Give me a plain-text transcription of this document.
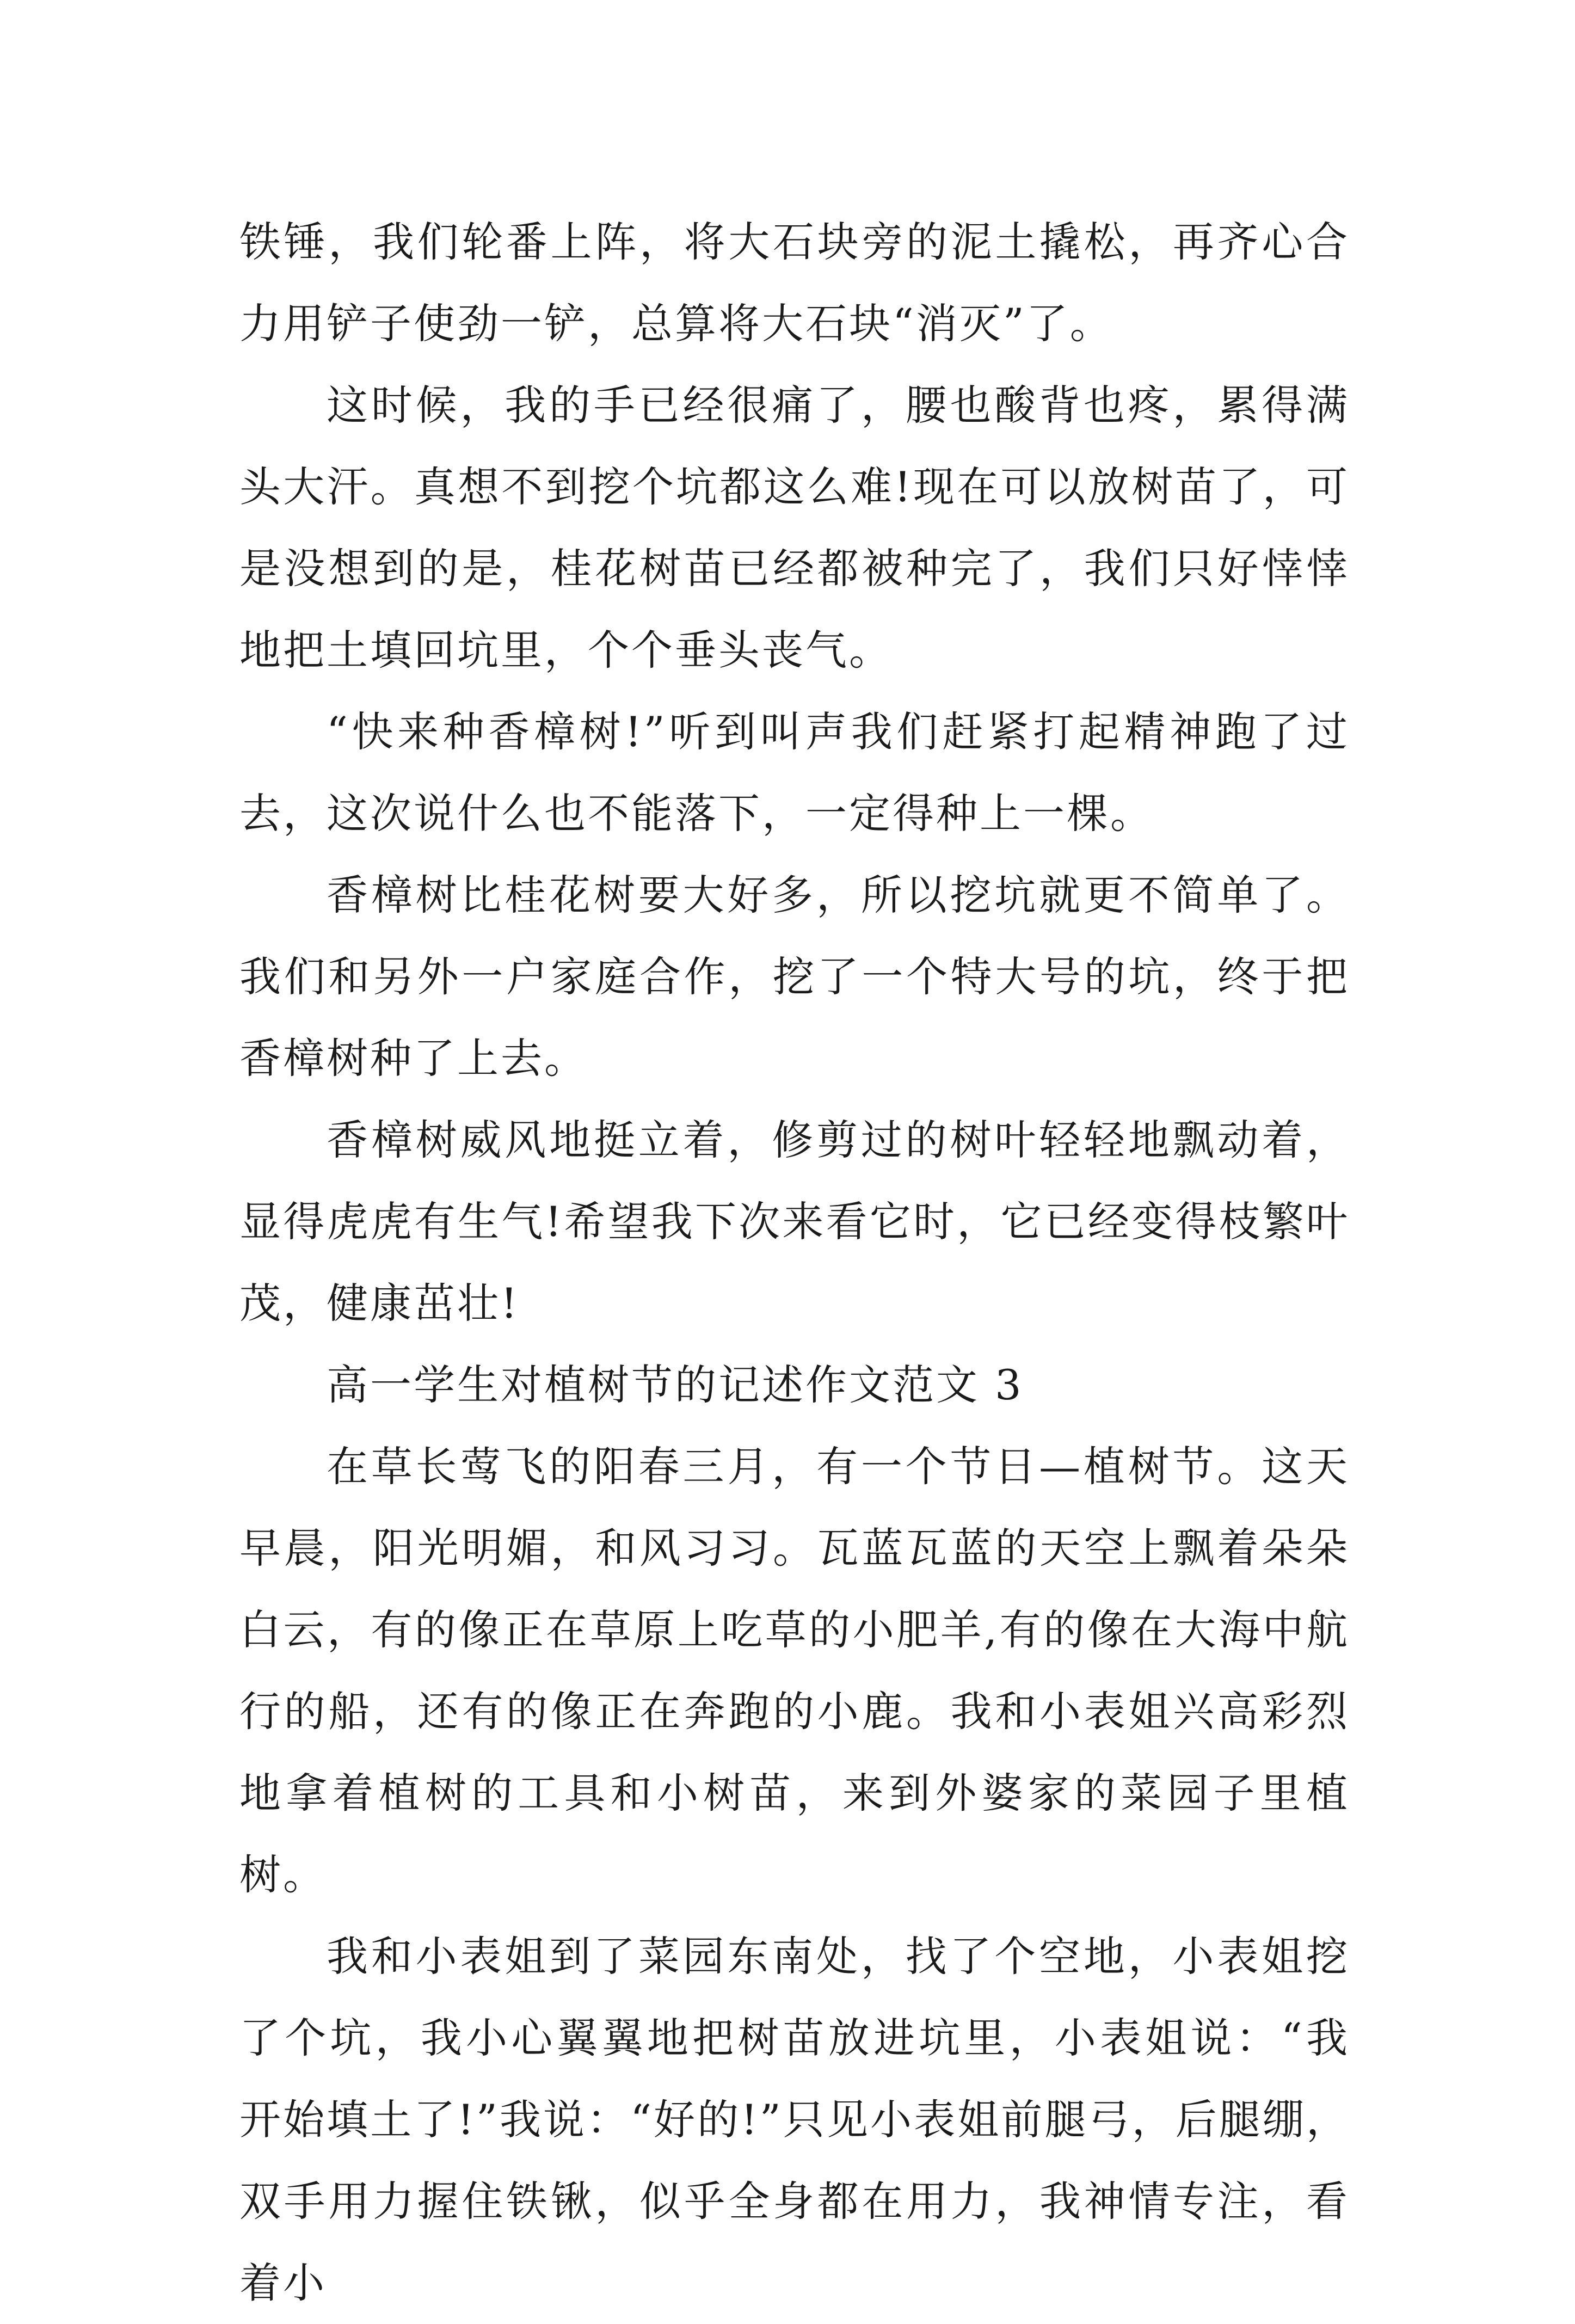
铁锤，我们轮番上阵，将大石块旁的泥土撬松，再齐心合力用铲子使劲一铲，总算将大石块“消灭”了。

这时候，我的手已经很痛了，腰也酸背也疼，累得满头大汗。真想不到挖个坑都这么难!现在可以放树苗了，可是没想到的是，桂花树苗已经都被种完了，我们只好悻悻地把土填回坑里，个个垂头丧气。

“快来种香樟树!”听到叫声我们赶紧打起精神跑了过去，这次说什么也不能落下，一定得种上一棵。

香樟树比桂花树要大好多，所以挖坑就更不简单了。我们和另外一户家庭合作，挖了一个特大号的坑，终于把香樟树种了上去。

香樟树威风地挺立着，修剪过的树叶轻轻地飘动着，显得虎虎有生气!希望我下次来看它时，它已经变得枝繁叶茂，健康茁壮!

高一学生对植树节的记述作文范文 3

在草长莺飞的阳春三月，有一个节日—植树节。这天早晨，阳光明媚，和风习习。瓦蓝瓦蓝的天空上飘着朵朵白云，有的像正在草原上吃草的小肥羊,有的像在大海中航行的船，还有的像正在奔跑的小鹿。我和小表姐兴高彩烈地拿着植树的工具和小树苗，来到外婆家的菜园子里植树。

我和小表姐到了菜园东南处，找了个空地，小表姐挖了个坑，我小心翼翼地把树苗放进坑里，小表姐说：“我开始填土了!”我说：“好的!”只见小表姐前腿弓，后腿绷，双手用力握住铁锹，似乎全身都在用力，我神情专注，看着小
